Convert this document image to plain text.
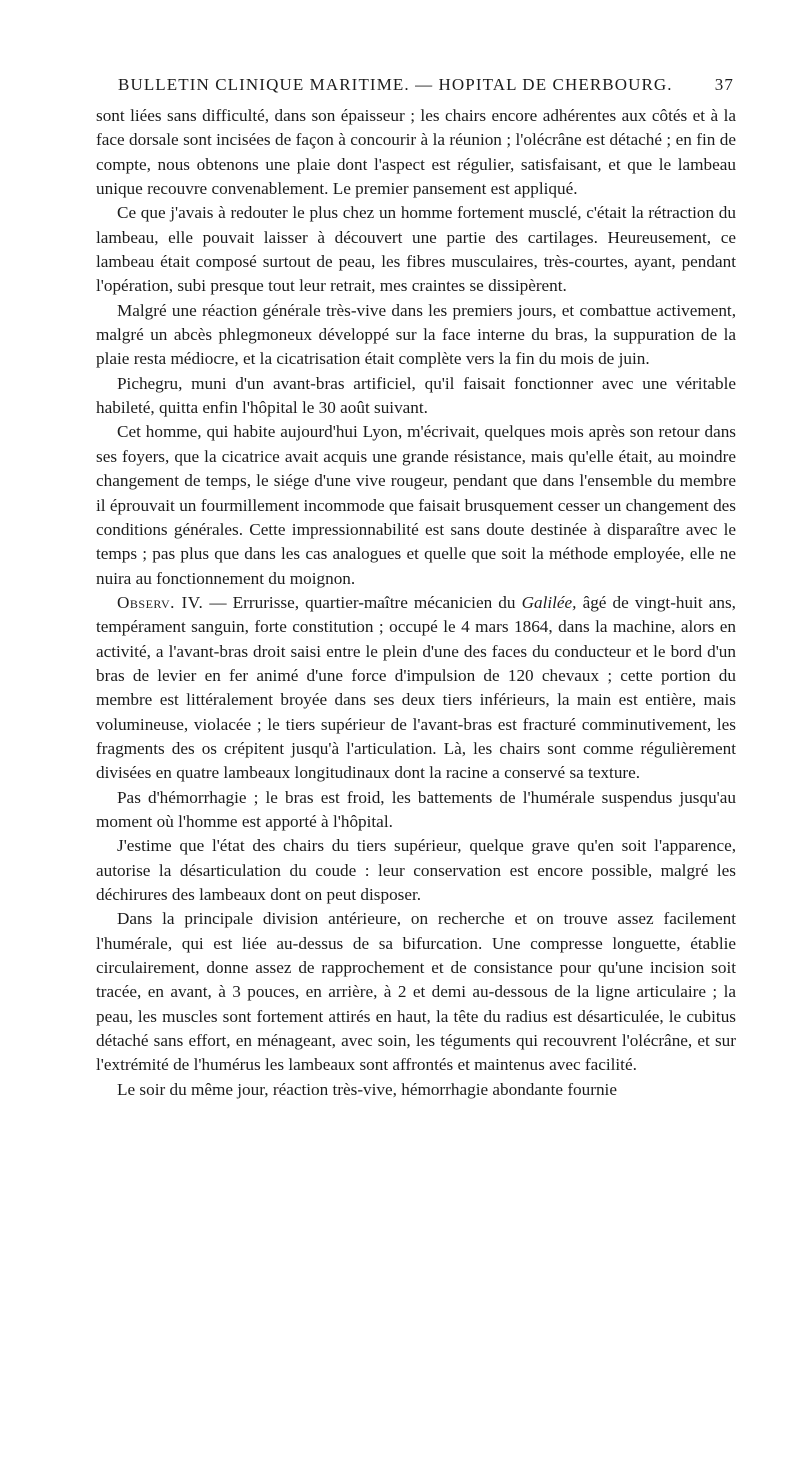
BULLETIN CLINIQUE MARITIME. — HOPITAL DE CHERBOURG. 37

sont liées sans difficulté, dans son épaisseur ; les chairs encore adhérentes aux côtés et à la face dorsale sont incisées de façon à concourir à la réunion ; l'olécrâne est détaché ; en fin de compte, nous obtenons une plaie dont l'aspect est régulier, satisfaisant, et que le lambeau unique recouvre convenablement. Le premier pansement est appliqué.

Ce que j'avais à redouter le plus chez un homme fortement musclé, c'était la rétraction du lambeau, elle pouvait laisser à découvert une partie des cartilages. Heureusement, ce lambeau était composé surtout de peau, les fibres musculaires, très-courtes, ayant, pendant l'opération, subi presque tout leur retrait, mes craintes se dissipèrent.

Malgré une réaction générale très-vive dans les premiers jours, et combattue activement, malgré un abcès phlegmoneux développé sur la face interne du bras, la suppuration de la plaie resta médiocre, et la cicatrisation était complète vers la fin du mois de juin.

Pichegru, muni d'un avant-bras artificiel, qu'il faisait fonctionner avec une véritable habileté, quitta enfin l'hôpital le 30 août suivant.

Cet homme, qui habite aujourd'hui Lyon, m'écrivait, quelques mois après son retour dans ses foyers, que la cicatrice avait acquis une grande résistance, mais qu'elle était, au moindre changement de temps, le siége d'une vive rougeur, pendant que dans l'ensemble du membre il éprouvait un fourmillement incommode que faisait brusquement cesser un changement des conditions générales. Cette impressionnabilité est sans doute destinée à disparaître avec le temps ; pas plus que dans les cas analogues et quelle que soit la méthode employée, elle ne nuira au fonctionnement du moignon.

Observ. IV. — Errurisse, quartier-maître mécanicien du Galilée, âgé de vingt-huit ans, tempérament sanguin, forte constitution ; occupé le 4 mars 1864, dans la machine, alors en activité, a l'avant-bras droit saisi entre le plein d'une des faces du conducteur et le bord d'un bras de levier en fer animé d'une force d'impulsion de 120 chevaux ; cette portion du membre est littéralement broyée dans ses deux tiers inférieurs, la main est entière, mais volumineuse, violacée ; le tiers supérieur de l'avant-bras est fracturé comminutivement, les fragments des os crépitent jusqu'à l'articulation. Là, les chairs sont comme régulièrement divisées en quatre lambeaux longitudinaux dont la racine a conservé sa texture.

Pas d'hémorrhagie ; le bras est froid, les battements de l'humérale suspendus jusqu'au moment où l'homme est apporté à l'hôpital.

J'estime que l'état des chairs du tiers supérieur, quelque grave qu'en soit l'apparence, autorise la désarticulation du coude : leur conservation est encore possible, malgré les déchirures des lambeaux dont on peut disposer.

Dans la principale division antérieure, on recherche et on trouve assez facilement l'humérale, qui est liée au-dessus de sa bifurcation. Une compresse longuette, établie circulairement, donne assez de rapprochement et de consistance pour qu'une incision soit tracée, en avant, à 3 pouces, en arrière, à 2 et demi au-dessous de la ligne articulaire ; la peau, les muscles sont fortement attirés en haut, la tête du radius est désarticulée, le cubitus détaché sans effort, en ménageant, avec soin, les téguments qui recouvrent l'olécrâne, et sur l'extrémité de l'humérus les lambeaux sont affrontés et maintenus avec facilité.

Le soir du même jour, réaction très-vive, hémorrhagie abondante fournie
